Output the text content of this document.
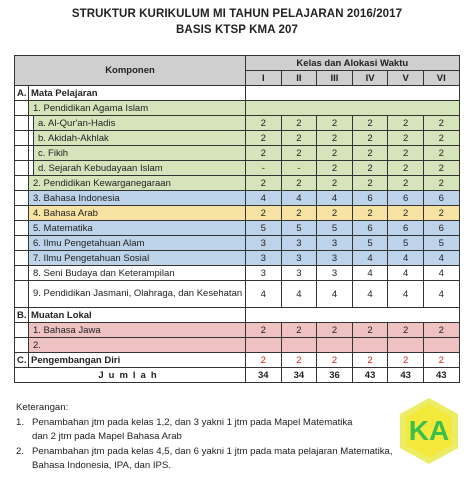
STRUKTUR KURIKULUM MI TAHUN PELAJARAN 2016/2017
BASIS KTSP KMA 207
Komponen			Kelas dan Alokasi Waktu					
			I	II	III	IV	V	VI
A.	Mata Pelajaran							
	1. Pendidikan Agama Islam							
		a. Al-Qur'an-Hadis	2	2	2	2	2	2
		b. Akidah-Akhlak	2	2	2	2	2	2
		c. Fikih	2	2	2	2	2	2
		d. Sejarah Kebudayaan Islam	-	-	2	2	2	2
	2. Pendidikan Kewarganegaraan		2	2	2	2	2	2
	3. Bahasa Indonesia		4	4	4	6	6	6
	4. Bahasa Arab		2	2	2	2	2	2
	5. Matematika		5	5	5	6	6	6
	6. Ilmu Pengetahuan Alam		3	3	3	5	5	5
	7. Ilmu Pengetahuan Sosial		3	3	3	4	4	4
	8. Seni Budaya dan Keterampilan		3	3	3	4	4	4
	9. Pendidikan Jasmani, Olahraga, dan Kesehatan		4	4	4	4	4	4
B.	Muatan Lokal							
	1. Bahasa Jawa		2	2	2	2	2	2
	2.							
C.	Pengembangan Diri		2	2	2	2	2	2
Jumlah			34	34	36	43	43	43
Keterangan:
1. Penambahan jtm pada kelas 1,2, dan 3 yakni 1 jtm pada Mapel Matematika
dan 2 jtm pada Mapel Bahasa Arab
2. Penambahan jtm pada kelas 4,5, dan 6 yakni 1 jtm pada mata pelajaran Matematika,
Bahasa Indonesia, IPA, dan IPS.
KA
